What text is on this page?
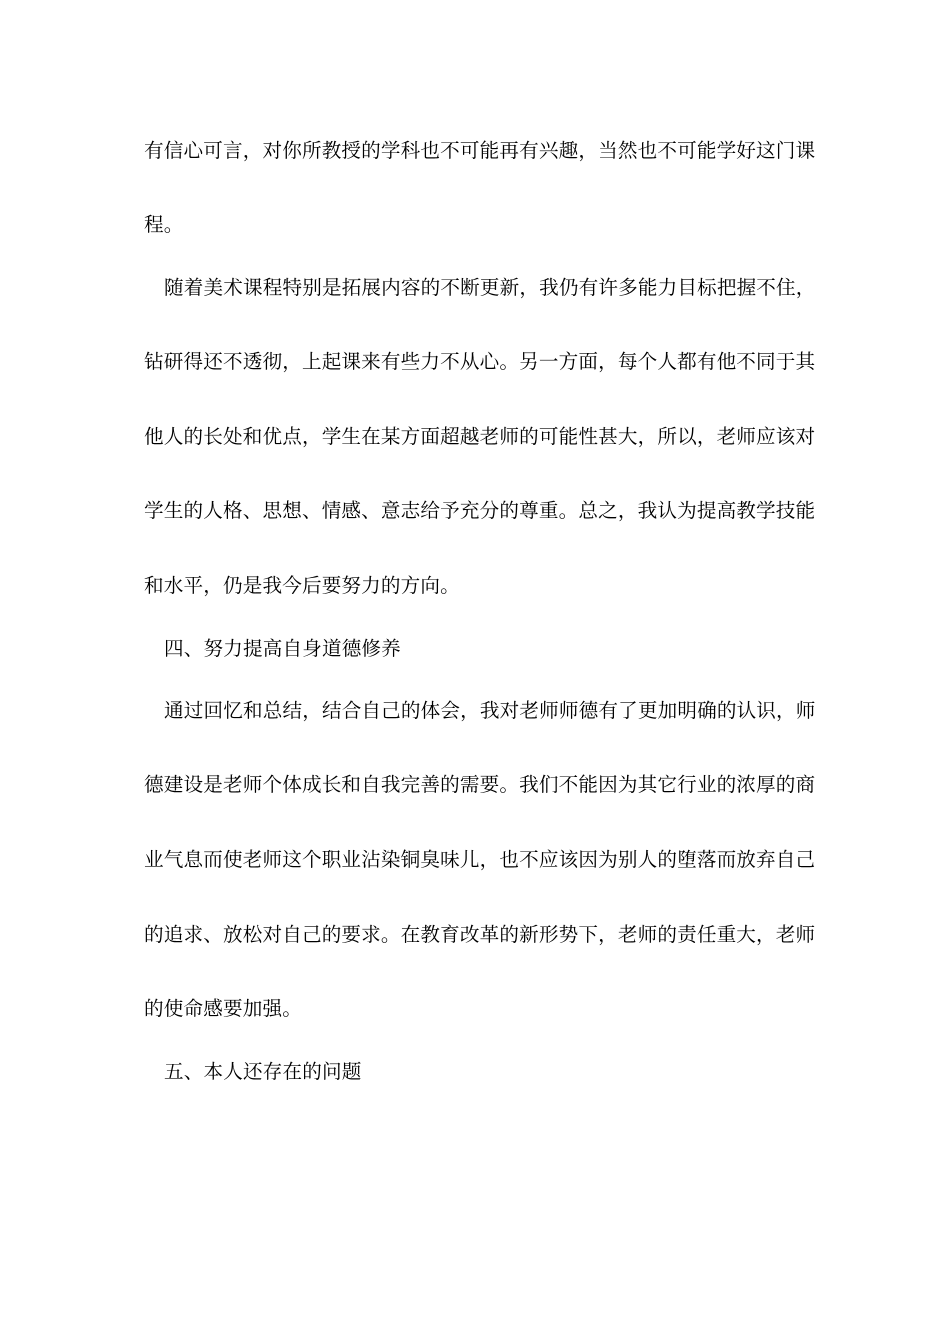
有信心可言，对你所教授的学科也不可能再有兴趣，当然也不可能学好这门课
程。
随着美术课程特别是拓展内容的不断更新，我仍有许多能力目标把握不住，
钻研得还不透彻，上起课来有些力不从心。另一方面，每个人都有他不同于其
他人的长处和优点，学生在某方面超越老师的可能性甚大，所以，老师应该对
学生的人格、思想、情感、意志给予充分的尊重。总之，我认为提高教学技能
和水平，仍是我今后要努力的方向。
四、努力提高自身道德修养
通过回忆和总结，结合自己的体会，我对老师师德有了更加明确的认识，师
德建设是老师个体成长和自我完善的需要。我们不能因为其它行业的浓厚的商
业气息而使老师这个职业沾染铜臭味儿，也不应该因为别人的堕落而放弃自己
的追求、放松对自己的要求。在教育改革的新形势下，老师的责任重大，老师
的使命感要加强。
五、本人还存在的问题
